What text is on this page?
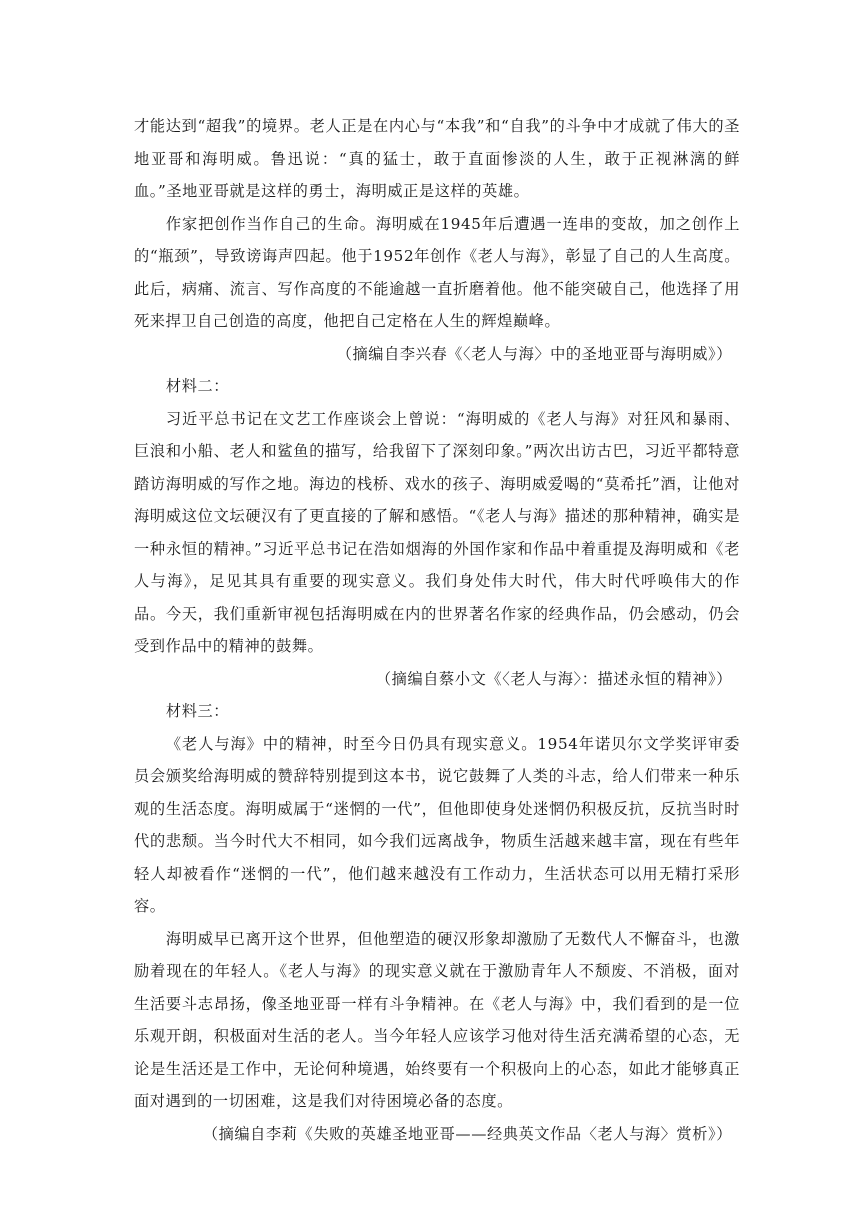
才能达到“超我”的境界。老人正是在内心与“本我”和“自我”的斗争中才成就了伟大的圣地亚哥和海明威。鲁迅说：“真的猛士，敢于直面惨淡的人生，敢于正视淋漓的鲜血。”圣地亚哥就是这样的勇士，海明威正是这样的英雄。

作家把创作当作自己的生命。海明威在1945年后遭遇一连串的变故，加之创作上的“瓶颈”，导致谤诲声四起。他于1952年创作《老人与海》，彰显了自己的人生高度。此后，病痛、流言、写作高度的不能逾越一直折磨着他。他不能突破自己，他选择了用死来捍卫自己创造的高度，他把自己定格在人生的辉煌巅峰。

（摘编自李兴春《〈老人与海〉中的圣地亚哥与海明威》）

材料二：

习近平总书记在文艺工作座谈会上曾说：“海明威的《老人与海》对狂风和暴雨、巨浪和小船、老人和鲨鱼的描写，给我留下了深刻印象。”两次出访古巴，习近平都特意踏访海明威的写作之地。海边的栈桥、戏水的孩子、海明威爱喝的“莫希托”酒，让他对海明威这位文坛硬汉有了更直接的了解和感悟。“《老人与海》描述的那种精神，确实是一种永恒的精神。”习近平总书记在浩如烟海的外国作家和作品中着重提及海明威和《老人与海》，足见其具有重要的现实意义。我们身处伟大时代，伟大时代呼唤伟大的作品。今天，我们重新审视包括海明威在内的世界著名作家的经典作品，仍会感动，仍会受到作品中的精神的鼓舞。

（摘编自蔡小文《〈老人与海〉：描述永恒的精神》）

材料三：

《老人与海》中的精神，时至今日仍具有现实意义。1954年诺贝尔文学奖评审委员会颁奖给海明威的赞辞特别提到这本书，说它鼓舞了人类的斗志，给人们带来一种乐观的生活态度。海明威属于“迷惘的一代”，但他即使身处迷惘仍积极反抗，反抗当时时代的悲颓。当今时代大不相同，如今我们远离战争，物质生活越来越丰富，现在有些年轻人却被看作“迷惘的一代”，他们越来越没有工作动力，生活状态可以用无精打采形容。

海明威早已离开这个世界，但他塑造的硬汉形象却激励了无数代人不懈奋斗，也激励着现在的年轻人。《老人与海》的现实意义就在于激励青年人不颓废、不消极，面对生活要斗志昂扬，像圣地亚哥一样有斗争精神。在《老人与海》中，我们看到的是一位乐观开朗，积极面对生活的老人。当今年轻人应该学习他对待生活充满希望的心态，无论是生活还是工作中，无论何种境遇，始终要有一个积极向上的心态，如此才能够真正面对遇到的一切困难，这是我们对待困境必备的态度。

（摘编自李莉《失败的英雄圣地亚哥——经典英文作品〈老人与海〉赏析》）
